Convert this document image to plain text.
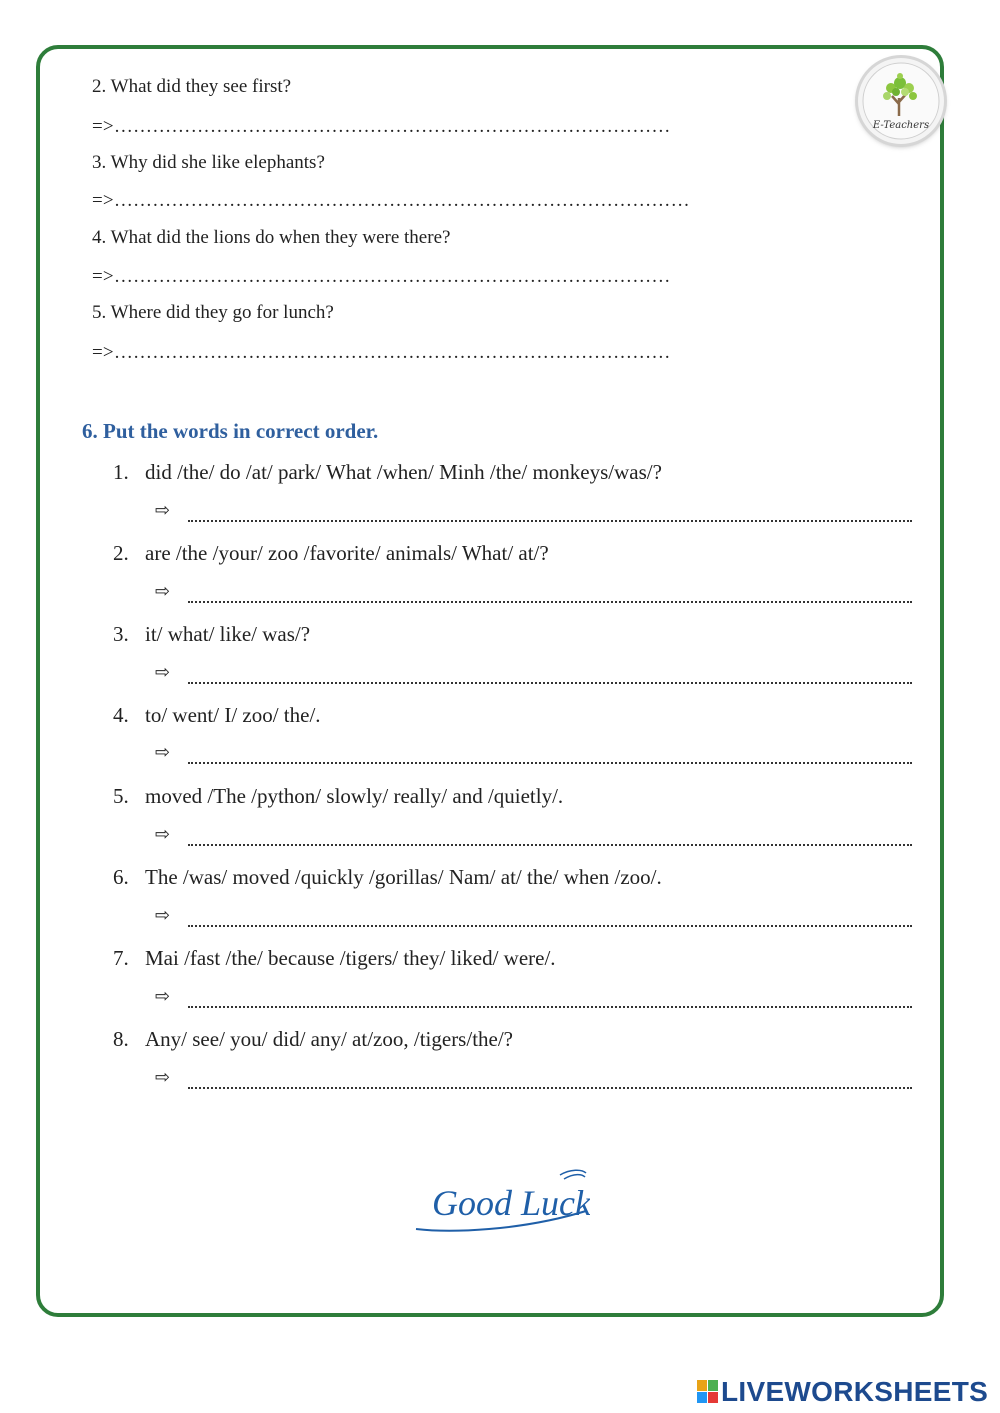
E-Teachers
2. What did they see first?
=>……………………………………………………………………………
3. Why did she like elephants?
=>………………………………………………………………………………
4. What did the lions do when they were there?
=>……………………………………………………………………………
5. Where did they go for lunch?
=>……………………………………………………………………………
6. Put the words in correct order.
1. did /the/ do /at/ park/ What /when/ Minh /the/ monkeys/was/?
⇨
2. are /the /your/ zoo /favorite/ animals/ What/ at/?
⇨
3. it/ what/ like/ was/?
⇨
4. to/ went/ I/ zoo/ the/.
⇨
5. moved /The /python/ slowly/ really/ and /quietly/.
⇨
6. The /was/ moved /quickly /gorillas/ Nam/ at/ the/ when /zoo/.
⇨
7. Mai /fast /the/ because /tigers/ they/ liked/ were/.
⇨
8. Any/ see/ you/ did/ any/ at/zoo, /tigers/the/?
⇨
Good Luck
LIVEWORKSHEETS
